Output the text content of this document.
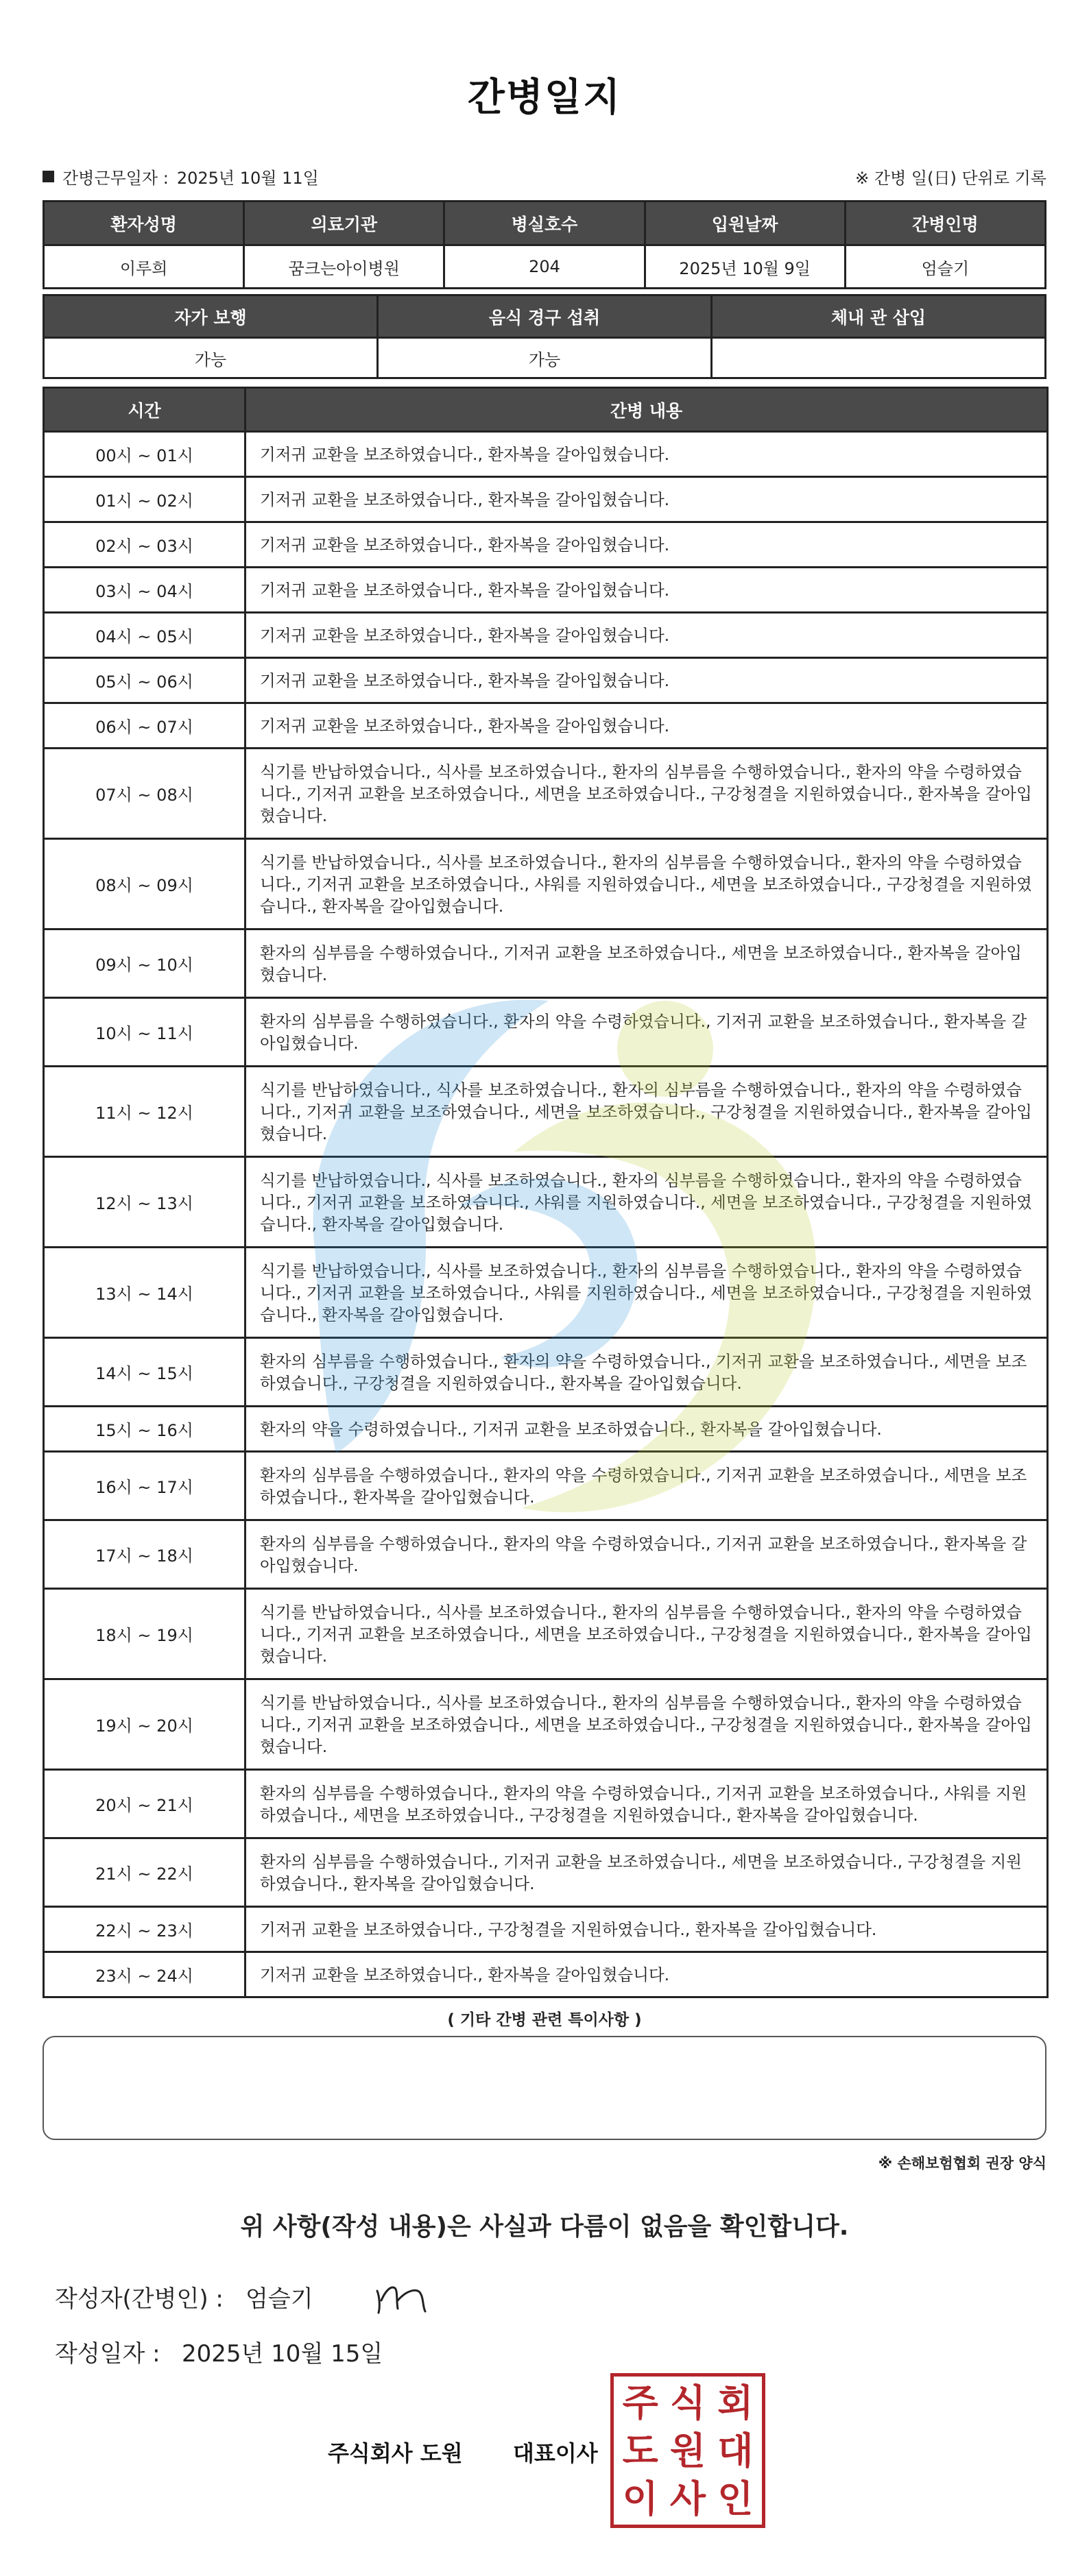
간병일지
간병근무일자 : 2025년 10월 11일	※ 간병 일(日) 단위로 기록
환자성명	의료기관	병실호수	입원날짜	간병인명
이루희	꿈크는아이병원	204	2025년 10월 9일	엄슬기
자가 보행	음식 경구 섭취	체내 관 삽입
가능	가능	
시간	간병 내용
00시 ~ 01시	기저귀 교환을 보조하였습니다., 환자복을 갈아입혔습니다.
01시 ~ 02시	기저귀 교환을 보조하였습니다., 환자복을 갈아입혔습니다.
02시 ~ 03시	기저귀 교환을 보조하였습니다., 환자복을 갈아입혔습니다.
03시 ~ 04시	기저귀 교환을 보조하였습니다., 환자복을 갈아입혔습니다.
04시 ~ 05시	기저귀 교환을 보조하였습니다., 환자복을 갈아입혔습니다.
05시 ~ 06시	기저귀 교환을 보조하였습니다., 환자복을 갈아입혔습니다.
06시 ~ 07시	기저귀 교환을 보조하였습니다., 환자복을 갈아입혔습니다.
07시 ~ 08시	식기를 반납하였습니다., 식사를 보조하였습니다., 환자의 심부름을 수행하였습니다., 환자의 약을 수령하였습니다., 기저귀 교환을 보조하였습니다., 세면을 보조하였습니다., 구강청결을 지원하였습니다., 환자복을 갈아입혔습니다.
08시 ~ 09시	식기를 반납하였습니다., 식사를 보조하였습니다., 환자의 심부름을 수행하였습니다., 환자의 약을 수령하였습니다., 기저귀 교환을 보조하였습니다., 샤워를 지원하였습니다., 세면을 보조하였습니다., 구강청결을 지원하였습니다., 환자복을 갈아입혔습니다.
09시 ~ 10시	환자의 심부름을 수행하였습니다., 기저귀 교환을 보조하였습니다., 세면을 보조하였습니다., 환자복을 갈아입혔습니다.
10시 ~ 11시	환자의 심부름을 수행하였습니다., 환자의 약을 수령하였습니다., 기저귀 교환을 보조하였습니다., 환자복을 갈아입혔습니다.
11시 ~ 12시	식기를 반납하였습니다., 식사를 보조하였습니다., 환자의 심부름을 수행하였습니다., 환자의 약을 수령하였습니다., 기저귀 교환을 보조하였습니다., 세면을 보조하였습니다., 구강청결을 지원하였습니다., 환자복을 갈아입혔습니다.
12시 ~ 13시	식기를 반납하였습니다., 식사를 보조하였습니다., 환자의 심부름을 수행하였습니다., 환자의 약을 수령하였습니다., 기저귀 교환을 보조하였습니다., 샤워를 지원하였습니다., 세면을 보조하였습니다., 구강청결을 지원하였습니다., 환자복을 갈아입혔습니다.
13시 ~ 14시	식기를 반납하였습니다., 식사를 보조하였습니다., 환자의 심부름을 수행하였습니다., 환자의 약을 수령하였습니다., 기저귀 교환을 보조하였습니다., 샤워를 지원하였습니다., 세면을 보조하였습니다., 구강청결을 지원하였습니다., 환자복을 갈아입혔습니다.
14시 ~ 15시	환자의 심부름을 수행하였습니다., 환자의 약을 수령하였습니다., 기저귀 교환을 보조하였습니다., 세면을 보조하였습니다., 구강청결을 지원하였습니다., 환자복을 갈아입혔습니다.
15시 ~ 16시	환자의 약을 수령하였습니다., 기저귀 교환을 보조하였습니다., 환자복을 갈아입혔습니다.
16시 ~ 17시	환자의 심부름을 수행하였습니다., 환자의 약을 수령하였습니다., 기저귀 교환을 보조하였습니다., 세면을 보조하였습니다., 환자복을 갈아입혔습니다.
17시 ~ 18시	환자의 심부름을 수행하였습니다., 환자의 약을 수령하였습니다., 기저귀 교환을 보조하였습니다., 환자복을 갈아입혔습니다.
18시 ~ 19시	식기를 반납하였습니다., 식사를 보조하였습니다., 환자의 심부름을 수행하였습니다., 환자의 약을 수령하였습니다., 기저귀 교환을 보조하였습니다., 세면을 보조하였습니다., 구강청결을 지원하였습니다., 환자복을 갈아입혔습니다.
19시 ~ 20시	식기를 반납하였습니다., 식사를 보조하였습니다., 환자의 심부름을 수행하였습니다., 환자의 약을 수령하였습니다., 기저귀 교환을 보조하였습니다., 세면을 보조하였습니다., 구강청결을 지원하였습니다., 환자복을 갈아입혔습니다.
20시 ~ 21시	환자의 심부름을 수행하였습니다., 환자의 약을 수령하였습니다., 기저귀 교환을 보조하였습니다., 샤워를 지원하였습니다., 세면을 보조하였습니다., 구강청결을 지원하였습니다., 환자복을 갈아입혔습니다.
21시 ~ 22시	환자의 심부름을 수행하였습니다., 기저귀 교환을 보조하였습니다., 세면을 보조하였습니다., 구강청결을 지원하였습니다., 환자복을 갈아입혔습니다.
22시 ~ 23시	기저귀 교환을 보조하였습니다., 구강청결을 지원하였습니다., 환자복을 갈아입혔습니다.
23시 ~ 24시	기저귀 교환을 보조하였습니다., 환자복을 갈아입혔습니다.
( 기타 간병 관련 특이사항 )
※ 손해보험협회 권장 양식
위 사항(작성 내용)은 사실과 다름이 없음을 확인합니다.
작성자(간병인) : 엄슬기
작성일자 : 2025년 10월 15일
주식회사 도원 대표이사
주 식 회
도 원 대
이 사 인
